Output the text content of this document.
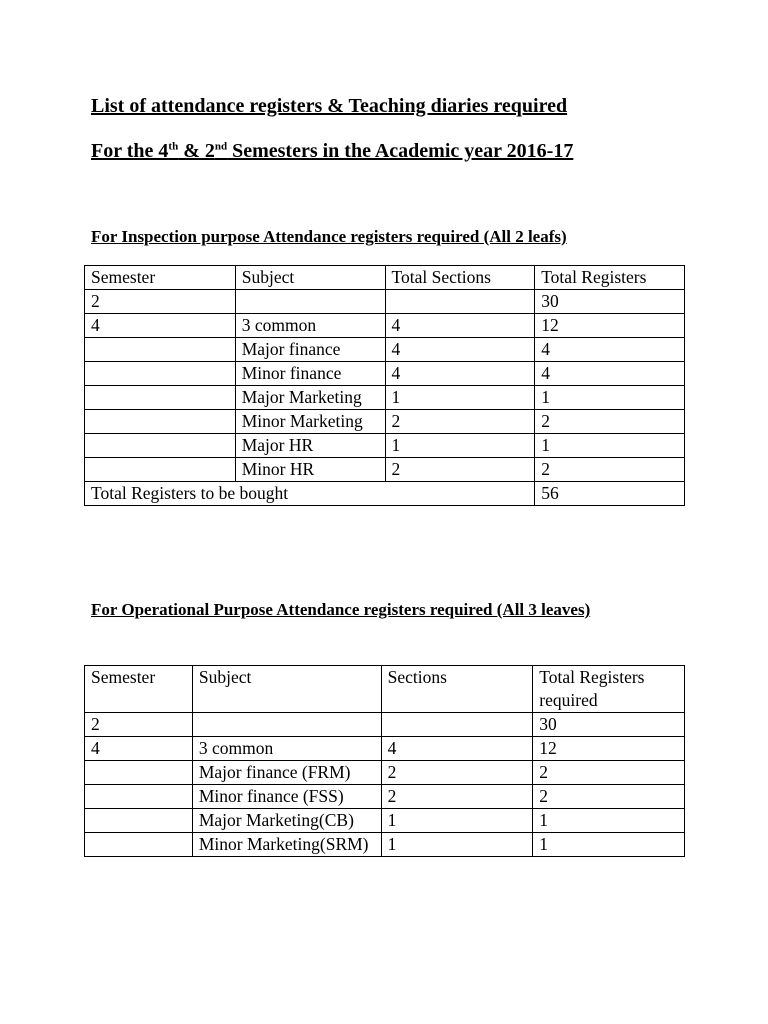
List of attendance registers & Teaching diaries required
For the 4th & 2nd Semesters in the Academic year 2016-17
For Inspection purpose Attendance registers required (All 2 leafs)
Semester	Subject	Total Sections	Total Registers
2			30
4	3 common	4	12
	Major finance	4	4
	Minor finance	4	4
	Major Marketing	1	1
	Minor Marketing	2	2
	Major HR	1	1
	Minor HR	2	2
Total Registers to be bought			56
For Operational Purpose Attendance registers required (All 3 leaves)
Semester	Subject	Sections	Total Registers required
2			30
4	3 common	4	12
	Major finance (FRM)	2	2
	Minor finance (FSS)	2	2
	Major Marketing(CB)	1	1
	Minor Marketing(SRM)	1	1
